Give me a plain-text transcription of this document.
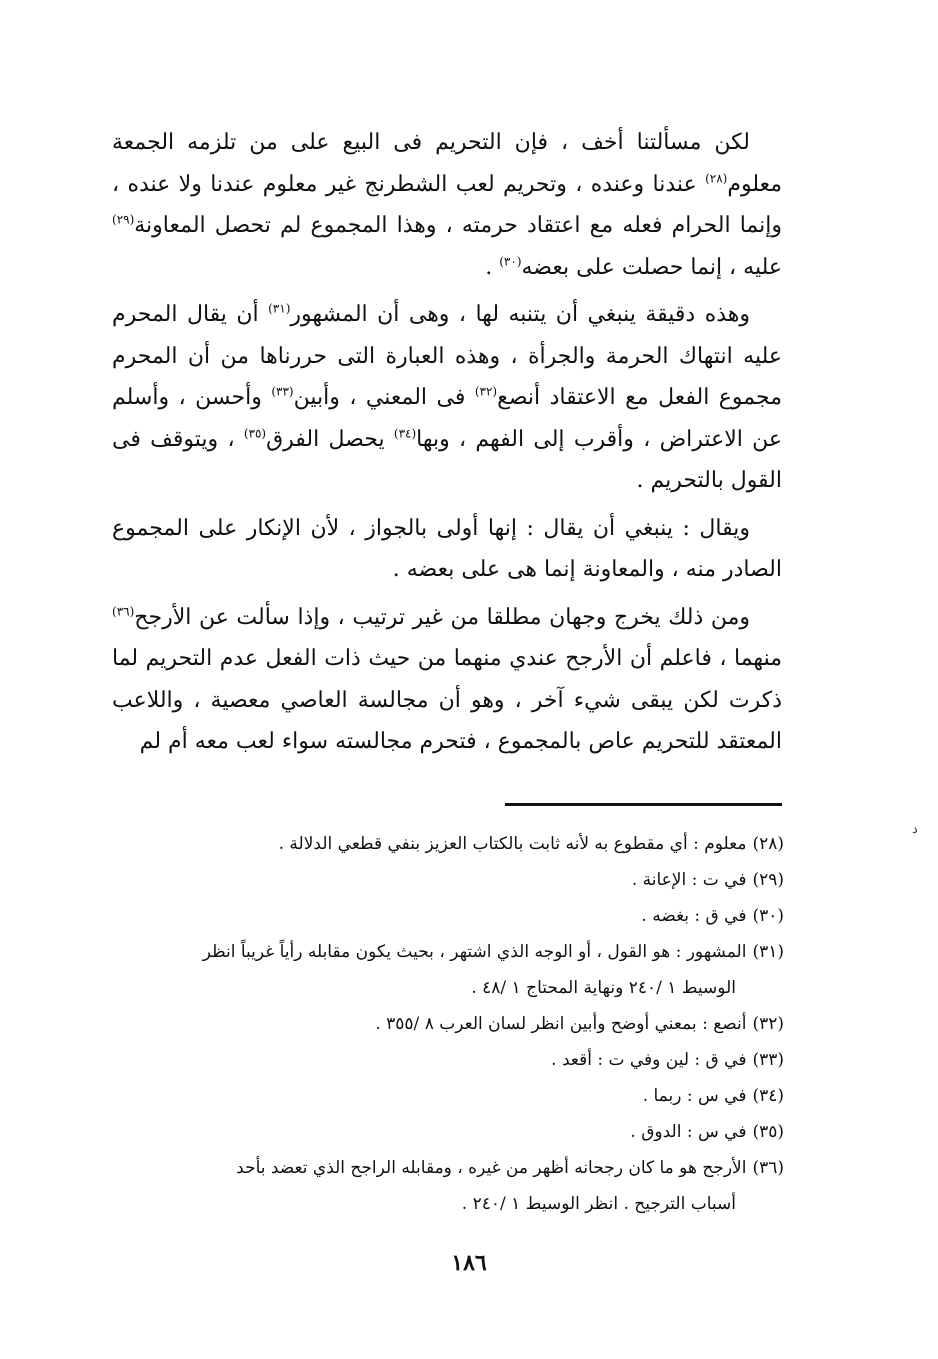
لكن مسألتنا أخف ، فإن التحريم فى البيع على من تلزمه الجمعة معلوم$^{(٢٨)}$ عندنا وعنده ، وتحريم لعب الشطرنج غير معلوم عندنا ولا عنده ، وإنما الحرام فعله مع اعتقاد حرمته ، وهذا المجموع لم تحصل المعاونة$^{(٢٩)}$ عليه ، إنما حصلت على بعضه$^{(٣٠)}$ .

وهذه دقيقة ينبغي أن يتنبه لها ، وهى أن المشهور$^{(٣١)}$ أن يقال المحرم عليه انتهاك الحرمة والجرأة ، وهذه العبارة التى حررناها من أن المحرم مجموع الفعل مع الاعتقاد أنصع$^{(٣٢)}$ فى المعني ، وأبين$^{(٣٣)}$ وأحسن ، وأسلم عن الاعتراض ، وأقرب إلى الفهم ، وبها$^{(٣٤)}$ يحصل الفرق$^{(٣٥)}$ ، ويتوقف فى القول بالتحريم .

ويقال : ينبغي أن يقال : إنها أولى بالجواز ، لأن الإنكار على المجموع الصادر منه ، والمعاونة إنما هى على بعضه .

ومن ذلك يخرج وجهان مطلقا من غير ترتيب ، وإذا سألت عن الأرجح$^{(٣٦)}$ منهما ، فاعلم أن الأرجح عندي منهما من حيث ذات الفعل عدم التحريم لما ذكرت لكن يبقى شيء آخر ، وهو أن مجالسة العاصي معصية ، واللاعب المعتقد للتحريم عاص بالمجموع ، فتحرم مجالسته سواء لعب معه أم لم

د

(٢٨)معلوم : أي مقطوع به لأنه ثابت بالكتاب العزيز بنفي قطعي الدلالة .

(٢٩)في ت : الإعانة .

(٣٠)في ق : بغضه .

(٣١)المشهور : هو القول ، أو الوجه الذي اشتهر ، بحيث يكون مقابله رأياً غريباً انظر
الوسيط ١ /٢٤٠ ونهاية المحتاج ١ /٤٨ .

(٣٢)أنصع : بمعني أوضح وأبين انظر لسان العرب ٨ /٣٥٥ .

(٣٣)في ق : لين وفي ت : أقعد .

(٣٤)في س : ربما .

(٣٥)في س : الدوق .

(٣٦)الأرجح هو ما كان رجحانه أظهر من غيره ، ومقابله الراجح الذي تعضد بأحد
أسباب الترجيح . انظر الوسيط ١ /٢٤٠ .

١٨٦
